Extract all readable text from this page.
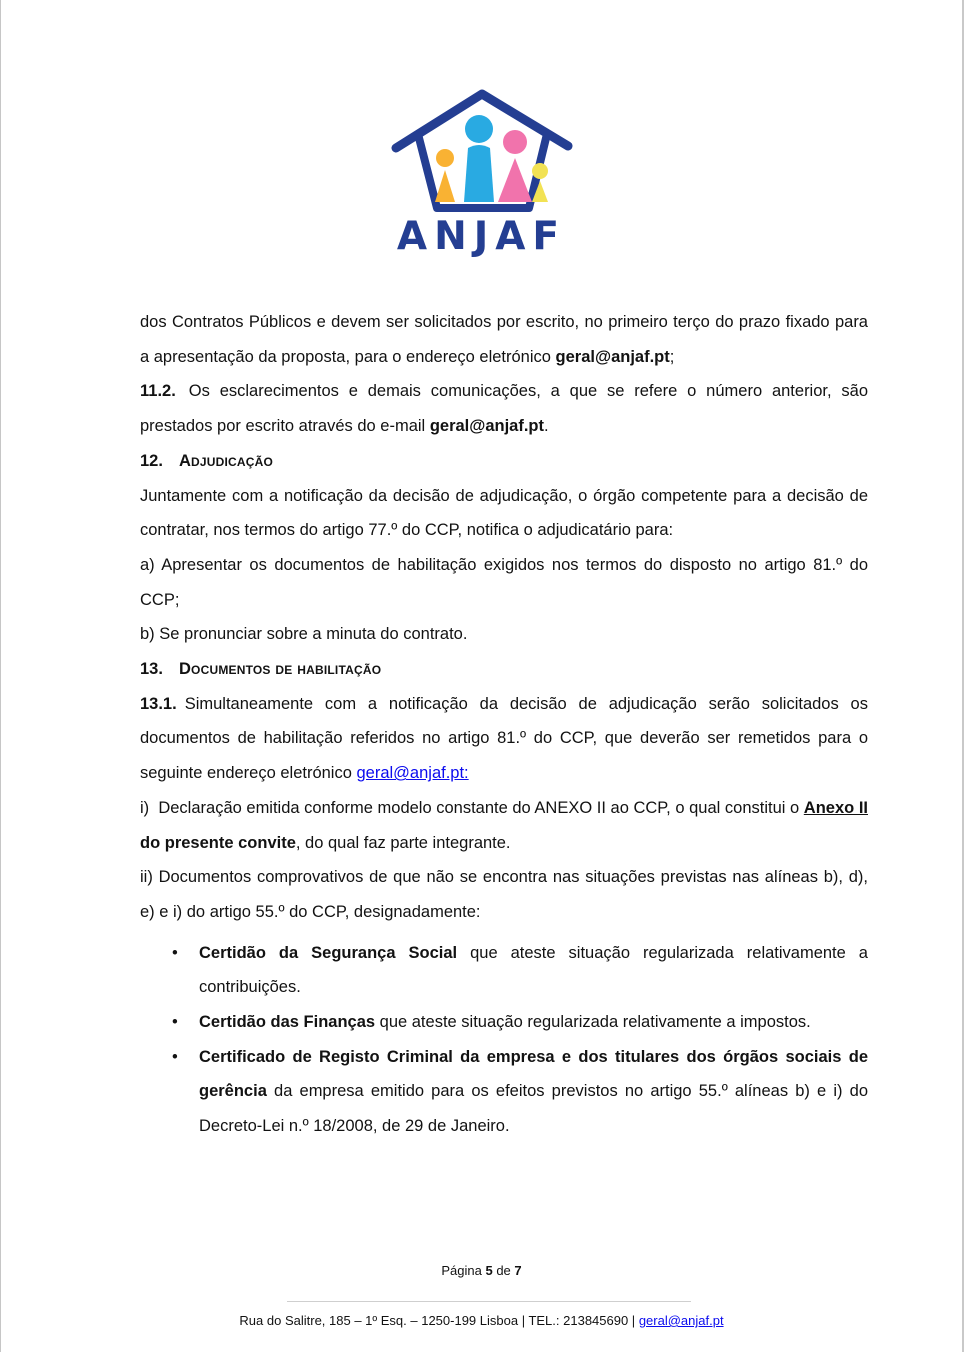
ANJAF

dos Contratos Públicos e devem ser solicitados por escrito, no primeiro terço do prazo fixado para a apresentação da proposta, para o endereço eletrónico geral@anjaf.pt;

11.2. Os esclarecimentos e demais comunicações, a que se refere o número anterior, são prestados por escrito através do e-mail geral@anjaf.pt.

12. Adjudicação

Juntamente com a notificação da decisão de adjudicação, o órgão competente para a decisão de contratar, nos termos do artigo 77.º do CCP, notifica o adjudicatário para:

a) Apresentar os documentos de habilitação exigidos nos termos do disposto no artigo 81.º do CCP;

b) Se pronunciar sobre a minuta do contrato.

13. Documentos de habilitação

13.1. Simultaneamente com a notificação da decisão de adjudicação serão solicitados os documentos de habilitação referidos no artigo 81.º do CCP, que deverão ser remetidos para o seguinte endereço eletrónico geral@anjaf.pt:

i)  Declaração emitida conforme modelo constante do ANEXO II ao CCP, o qual constitui o Anexo II do presente convite, do qual faz parte integrante.

ii) Documentos comprovativos de que não se encontra nas situações previstas nas alíneas b), d), e) e i) do artigo 55.º do CCP, designadamente:

• Certidão da Segurança Social que ateste situação regularizada relativamente a contribuições.
• Certidão das Finanças que ateste situação regularizada relativamente a impostos.
• Certificado de Registo Criminal da empresa e dos titulares dos órgãos sociais de gerência da empresa emitido para os efeitos previstos no artigo 55.º alíneas b) e i) do Decreto-Lei n.º 18/2008, de 29 de Janeiro.
Página 5 de 7
Rua do Salitre, 185 – 1º Esq. – 1250-199 Lisboa | TEL.: 213845690 | geral@anjaf.pt
